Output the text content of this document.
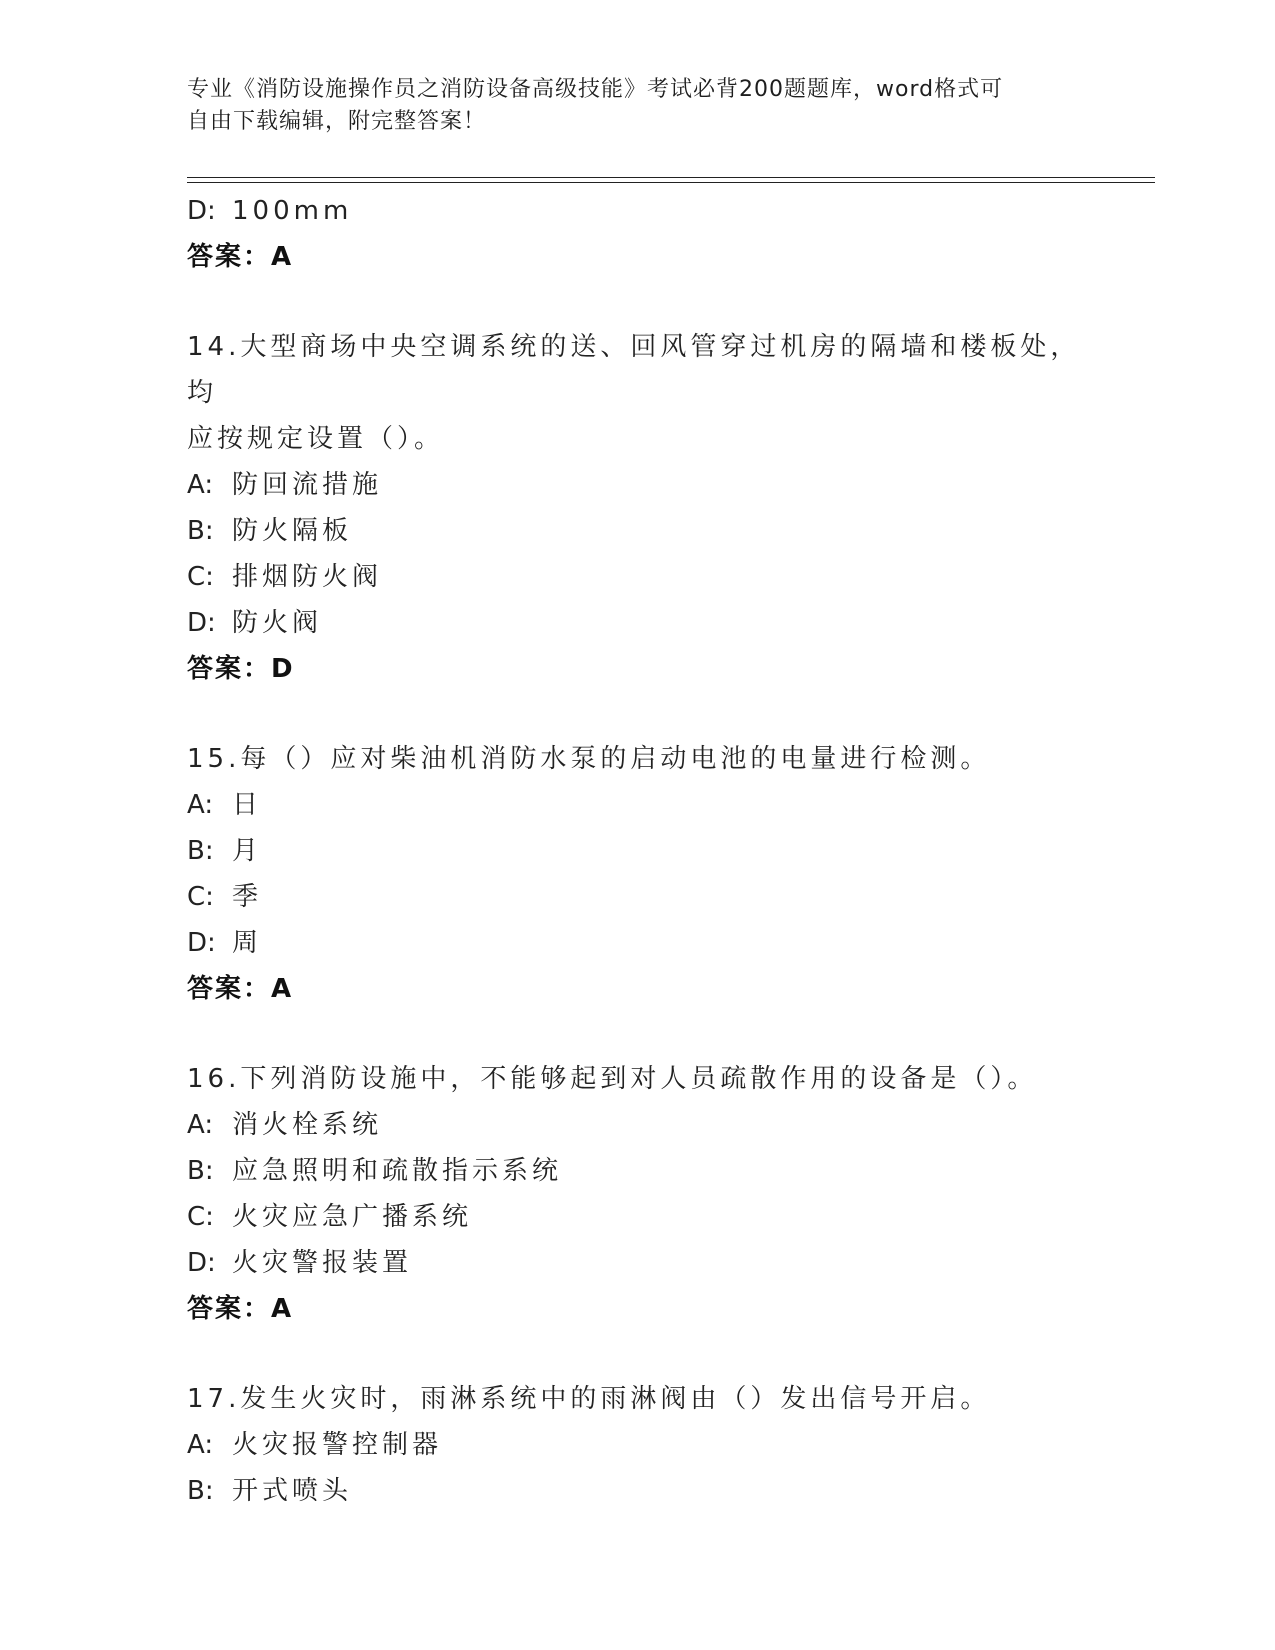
专业《消防设施操作员之消防设备高级技能》考试必背200题题库，word格式可
自由下载编辑，附完整答案！
D: 100mm
答案：A
14.大型商场中央空调系统的送、回风管穿过机房的隔墙和楼板处，均
应按规定设置（）。
A: 防回流措施
B: 防火隔板
C: 排烟防火阀
D: 防火阀
答案：D
15.每（）应对柴油机消防水泵的启动电池的电量进行检测。
A: 日
B: 月
C: 季
D: 周
答案：A
16.下列消防设施中，不能够起到对人员疏散作用的设备是（）。
A: 消火栓系统
B: 应急照明和疏散指示系统
C: 火灾应急广播系统
D: 火灾警报装置
答案：A
17.发生火灾时，雨淋系统中的雨淋阀由（）发出信号开启。
A: 火灾报警控制器
B: 开式喷头
